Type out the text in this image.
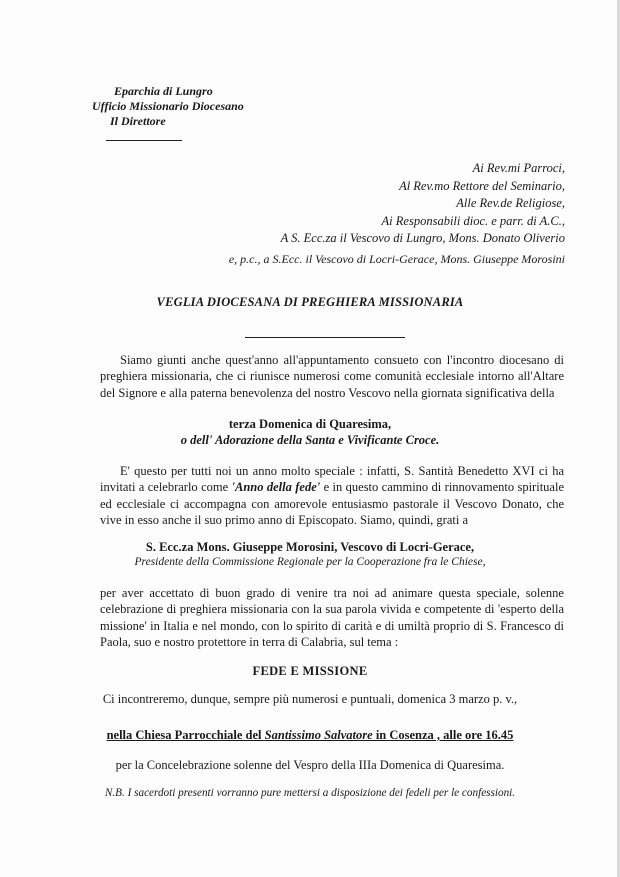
Eparchia di Lungro
Ufficio Missionario Diocesano
Il Direttore
Ai Rev.mi Parroci,
Al Rev.mo Rettore del Seminario,
Alle Rev.de Religiose,
Ai Responsabili dioc. e parr. di A.C.,
A S. Ecc.za il Vescovo di Lungro, Mons. Donato Oliverio
e, p.c., a S.Ecc. il Vescovo di Locri-Gerace, Mons. Giuseppe Morosini
VEGLIA DIOCESANA DI PREGHIERA MISSIONARIA
Siamo giunti anche quest'anno all'appuntamento consueto con l'incontro diocesano di preghiera missionaria, che ci riunisce numerosi come comunità ecclesiale intorno all'Altare del Signore e alla paterna benevolenza del nostro Vescovo nella giornata significativa della
terza Domenica di Quaresima,
o dell' Adorazione della Santa e Vivificante Croce.
E' questo per tutti noi un anno molto speciale : infatti, S. Santità Benedetto XVI ci ha invitati a celebrarlo come 'Anno della fede' e in questo cammino di rinnovamento spirituale ed ecclesiale ci accompagna con amorevole entusiasmo pastorale il Vescovo Donato, che vive in esso anche il suo primo anno di Episcopato. Siamo, quindi, grati a
S. Ecc.za Mons. Giuseppe Morosini, Vescovo di Locri-Gerace,
Presidente della Commissione Regionale per la Cooperazione fra le Chiese,
per aver accettato di buon grado di venire tra noi ad animare questa speciale, solenne celebrazione di preghiera missionaria con la sua parola vivida e competente di 'esperto della missione' in Italia e nel mondo, con lo spirito di carità e di umiltà proprio di S. Francesco di Paola, suo e nostro protettore in terra di Calabria, sul tema :
FEDE E MISSIONE
Ci incontreremo, dunque, sempre più numerosi e puntuali, domenica 3 marzo p. v.,
nella Chiesa Parrocchiale del Santissimo Salvatore in Cosenza , alle ore 16.45
per la Concelebrazione solenne del Vespro della IIIa Domenica di Quaresima.
N.B. I sacerdoti presenti vorranno pure mettersi a disposizione dei fedeli per le confessioni.
